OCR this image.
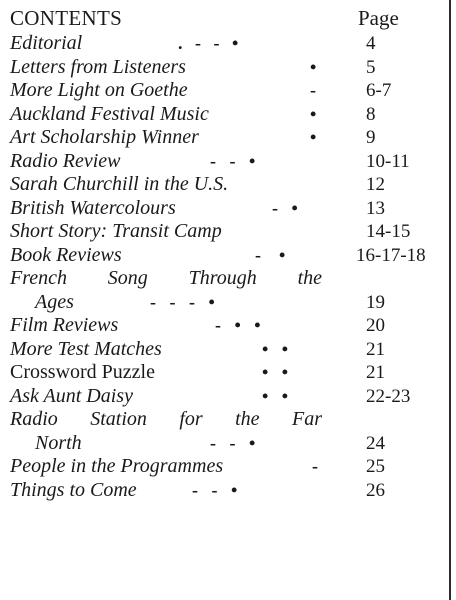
CONTENTS	Page
Editorial	. - - •	4
Letters from Listeners	•	5
More Light on Goethe	-	6-7
Auckland Festival Music	•	8
Art Scholarship Winner	•	9
Radio Review	-   -   •	10-11
Sarah Churchill in the U.S.	12
British Watercolours	-   •	13
Short Story: Transit Camp	14-15
Book Reviews	-    •	16-17-18
French Song Through the
Ages	-   -   -   •	19
Film Reviews	-   •   •	20
More Test Matches	•   •	21
Crossword Puzzle	•   •	21
Ask Aunt Daisy	•   •	22-23
Radio Station for the Far
North	-   -   •	24
People in the Programmes	-	25
Things to Come	-   -   •	26
